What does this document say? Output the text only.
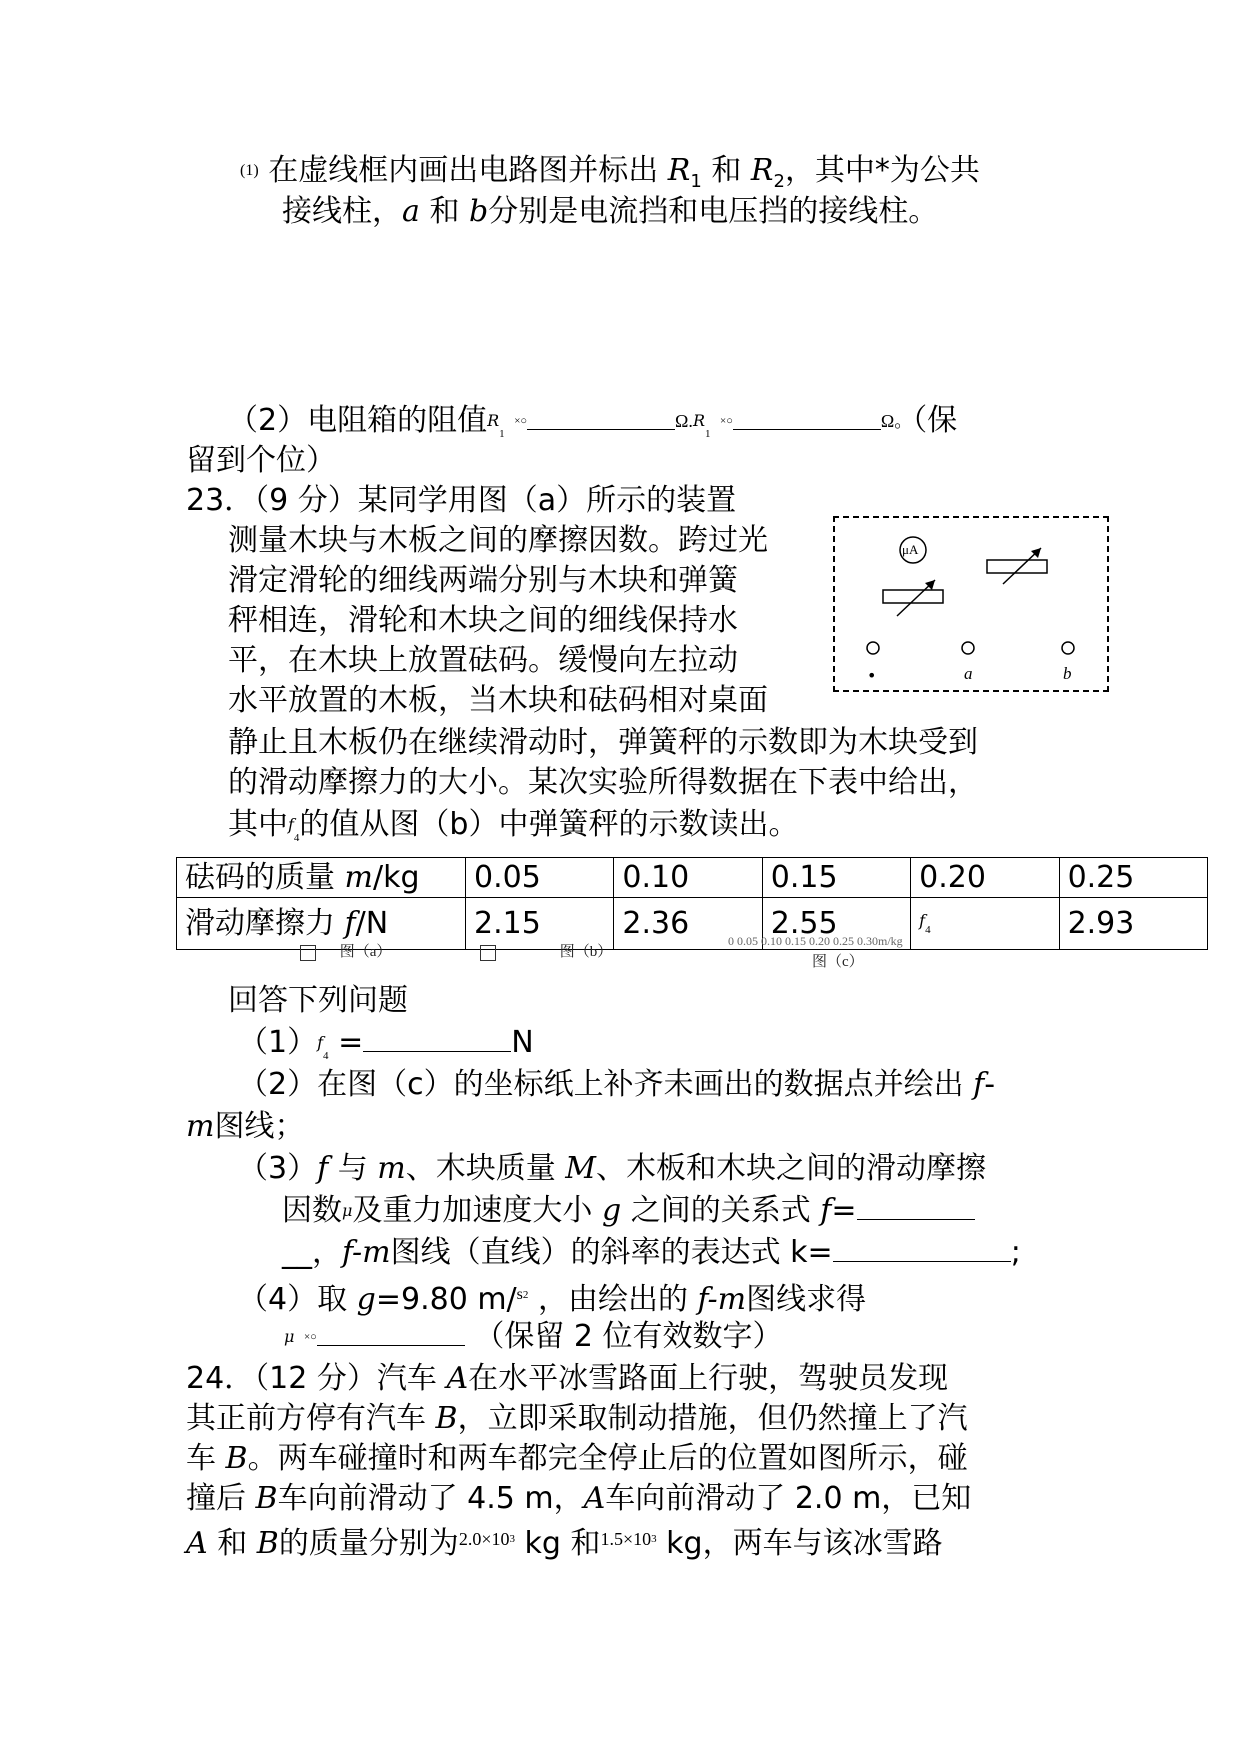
$^{(1)}$ 在虚线框内画出电路图并标出 $R_1$ 和 $R_2$，其中*为公共
接线柱，a 和 b分别是电流挡和电压挡的接线柱。
（2）电阻箱的阻值$^R_1$ ×○	$^{\Omega.R}_1$ ×○	$^{\Omega。}$（保
留到个位）
23．（9 分）某同学用图（a）所示的装置
测量木块与木板之间的摩擦因数。跨过光
滑定滑轮的细线两端分别与木块和弹簧
秤相连，滑轮和木块之间的细线保持水
平，在木块上放置砝码。缓慢向左拉动
水平放置的木板，当木块和砝码相对桌面
静止且木板仍在继续滑动时，弹簧秤的示数即为木块受到
的滑动摩擦力的大小。某次实验所得数据在下表中给出，
其中$^f_4$的值从图（b）中弹簧秤的示数读出。
μA
•	a	b
砝码的质量 m/kg	0.05	0.10	0.15	0.20	0.25
滑动摩擦力 f/N	2.15	2.36	2.55	$f_4$	2.93
图（a）	图（b）
0 0.05 0.10 0.15 0.20 0.25 0.30m/kg
图（c）
回答下列问题
$(1)^f_4$ =	N
（2）在图（c）的坐标纸上补齐未画出的数据点并绘出 f-
m图线；
（3）f 与 m、木块质量 M、木板和木块之间的滑动摩擦
因数$^\mu$及重力加速度大小 g 之间的关系式 f=
__，f-m图线（直线）的斜率的表达式 k=	;
（4）取 g=9.80 m/$^{s2}$ ，由绘出的 f-m图线求得
$^\mu$ ×○	（保留 2 位有效数字）
24．（12 分）汽车 A在水平冰雪路面上行驶，驾驶员发现
其正前方停有汽车 B，立即采取制动措施，但仍然撞上了汽
车 B。两车碰撞时和两车都完全停止后的位置如图所示，碰
撞后 B车向前滑动了 4.5 m，A车向前滑动了 2.0 m，已知
A 和 B的质量分别为$^{2.0\times 103}$ kg 和$^{1.5\times 103}$ kg，两车与该冰雪路
